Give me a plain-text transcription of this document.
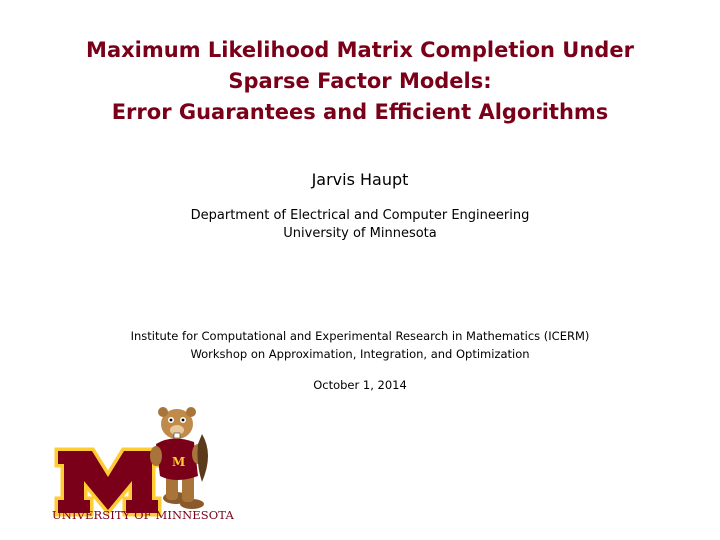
Maximum Likelihood Matrix Completion Under
Sparse Factor Models:
Error Guarantees and Efficient Algorithms
Jarvis Haupt
Department of Electrical and Computer Engineering
University of Minnesota
Institute for Computational and Experimental Research in Mathematics (ICERM)
Workshop on Approximation, Integration, and Optimization
October 1, 2014
M
UNIVERSITY OF MINNESOTA
